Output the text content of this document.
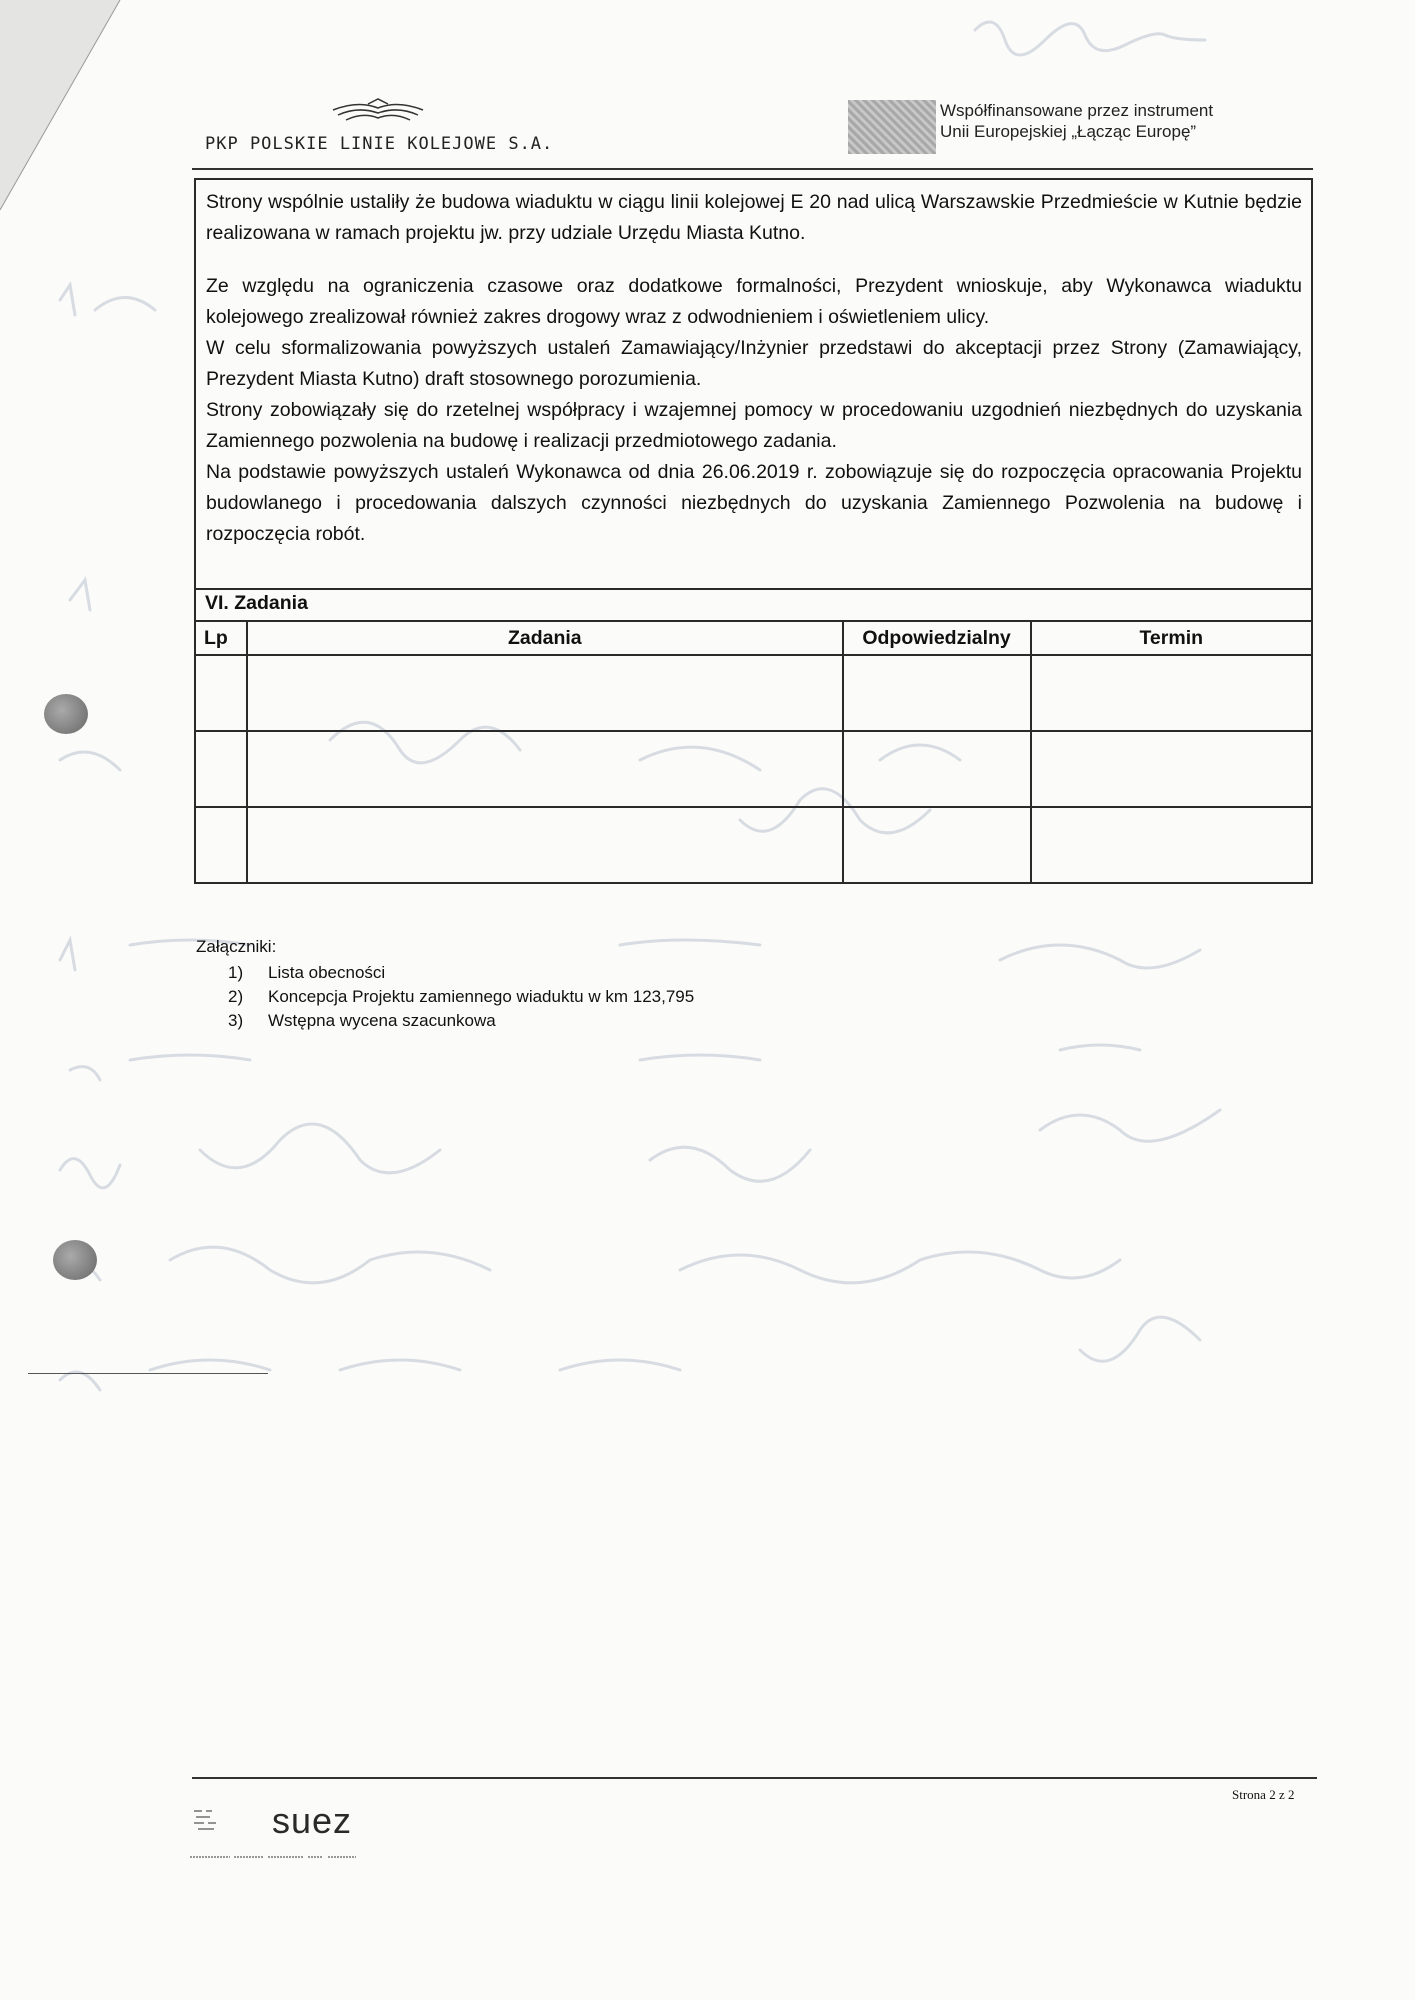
PKP POLSKIE LINIE KOLEJOWE S.A.
Współfinansowane przez instrument
Unii Europejskiej „Łącząc Europę”

Strony wspólnie ustaliły że budowa wiaduktu w ciągu linii kolejowej E 20 nad ulicą Warszawskie Przedmieście w Kutnie będzie realizowana w ramach projektu jw. przy udziale Urzędu Miasta Kutno.

Ze względu na ograniczenia czasowe oraz dodatkowe formalności, Prezydent wnioskuje, aby Wykonawca wiaduktu kolejowego zrealizował również zakres drogowy wraz z odwodnieniem i oświetleniem ulicy.

W celu sformalizowania powyższych ustaleń Zamawiający/Inżynier przedstawi do akceptacji przez Strony (Zamawiający, Prezydent Miasta Kutno) draft stosownego porozumienia.

Strony zobowiązały się do rzetelnej współpracy i wzajemnej pomocy w procedowaniu uzgodnień niezbędnych do uzyskania Zamiennego pozwolenia na budowę i realizacji przedmiotowego zadania.

Na podstawie powyższych ustaleń Wykonawca od dnia 26.06.2019 r. zobowiązuje się do rozpoczęcia opracowania Projektu budowlanego i procedowania dalszych czynności niezbędnych do uzyskania Zamiennego Pozwolenia na budowę i rozpoczęcia robót.

VI. Zadania
Lp	Zadania	Odpowiedzialny	Termin

Załączniki:
1)	Lista obecności
2)	Koncepcja Projektu zamiennego wiaduktu w km 123,795
3)	Wstępna wycena szacunkowa
Strona 2 z 2
suez
